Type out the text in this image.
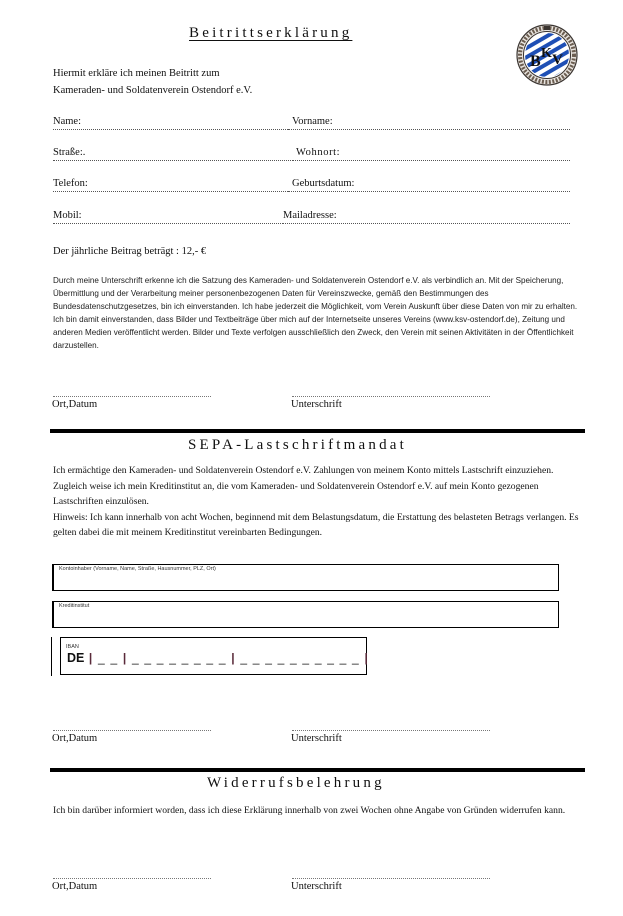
Beitrittserklärung
B K V
Hiermit erkläre ich meinen Beitritt zum
Kameraden- und Soldatenverein Ostendorf e.V.
Name:	Vorname:
Straße:.	Wohnort:
Telefon:	Geburtsdatum:
Mobil:	Mailadresse:
Der jährliche Beitrag beträgt : 12,- €

Durch meine Unterschrift erkenne ich die Satzung des Kameraden- und Soldatenverein Ostendorf e.V. als verbindlich an. Mit der Speicherung, Übermittlung und der Verarbeitung meiner personenbezogenen Daten für Vereinszwecke, gemäß den Bestimmungen des Bundesdatenschutzgesetzes, bin ich einverstanden. Ich habe jederzeit die Möglichkeit, vom Verein Auskunft über diese Daten von mir zu erhalten.

Ich bin damit einverstanden, dass Bilder und Textbeiträge über mich auf der Internetseite unseres Vereins (www.ksv-ostendorf.de), Zeitung und anderen Medien veröffentlicht werden. Bilder und Texte verfolgen ausschließlich den Zweck, den Verein mit seinen Aktivitäten in der Öffentlichkeit darzustellen.

Ort,Datum	Unterschrift
SEPA-Lastschriftmandat

Ich ermächtige den Kameraden- und Soldatenverein Ostendorf e.V. Zahlungen von meinem Konto mittels Lastschrift einzuziehen.

Zugleich weise ich mein Kreditinstitut an, die vom Kameraden- und Soldatenverein Ostendorf e.V. auf mein Konto gezogenen Lastschriften einzulösen.

Hinweis: Ich kann innerhalb von acht Wochen, beginnend mit dem Belastungsdatum, die Erstattung des belasteten Betrags verlangen. Es gelten dabei die mit meinem Kreditinstitut vereinbarten Bedingungen.

Kontoinhaber (Vorname, Name, Straße, Hausnummer, PLZ, Ort)
Kreditinstitut
IBAN
DE | _ _ | _ _ _ _ _ _ _ _ | _ _ _ _ _ _ _ _ _ _ |
Ort,Datum	Unterschrift
Widerrufsbelehrung
Ich bin darüber informiert worden, dass ich diese Erklärung innerhalb von zwei Wochen ohne Angabe von Gründen widerrufen kann.
Ort,Datum	Unterschrift
